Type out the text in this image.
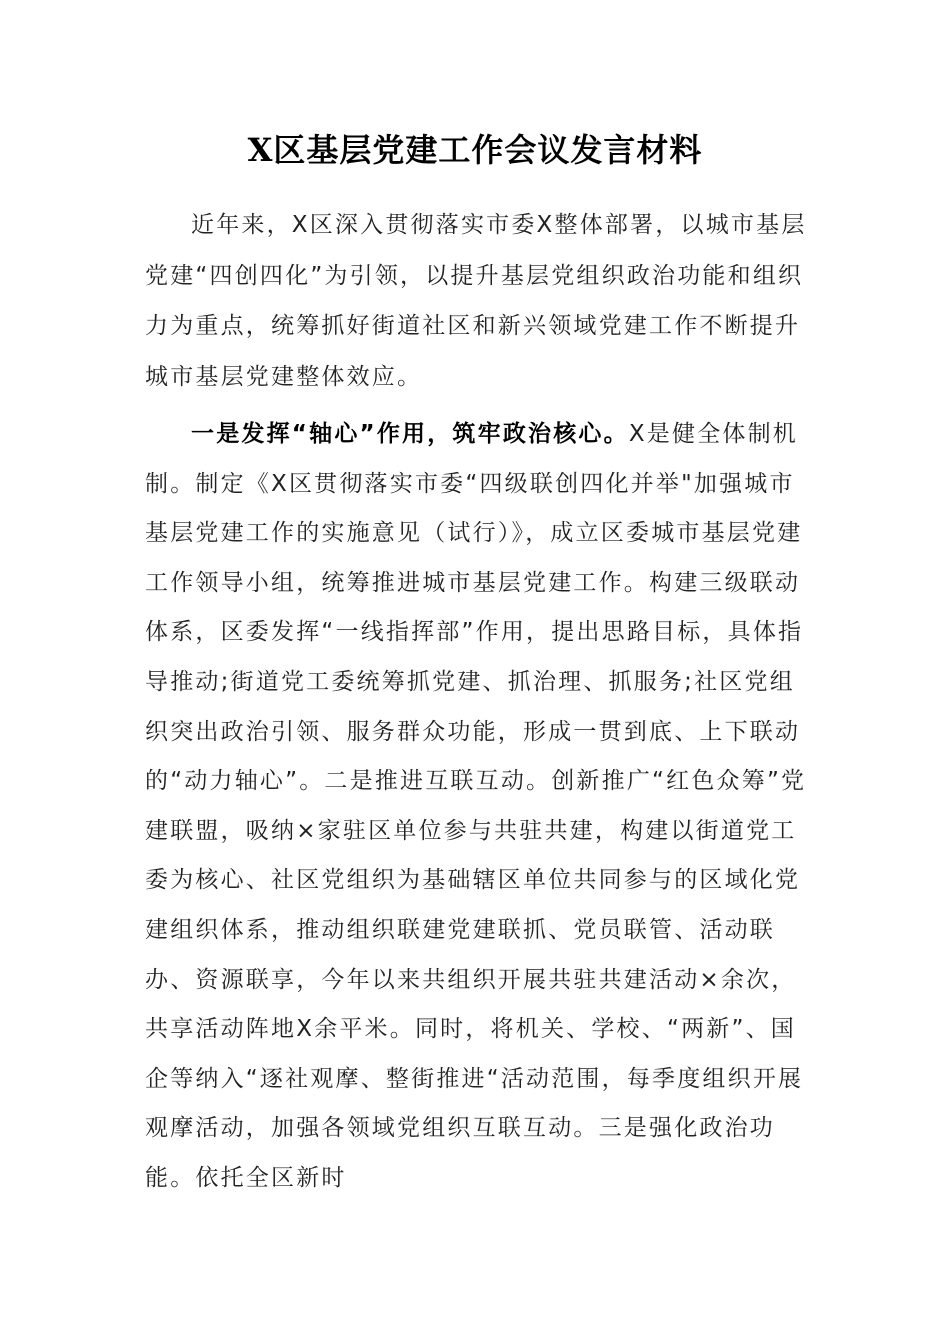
X区基层党建工作会议发言材料
近年来，X区深入贯彻落实市委X整体部署，以城市基层党建“四创四化”为引领，以提升基层党组织政治功能和组织力为重点，统筹抓好街道社区和新兴领域党建工作不断提升城市基层党建整体效应。
一是发挥“轴心”作用，筑牢政治核心。X是健全体制机制。制定《X区贯彻落实市委“四级联创四化并举"加强城市基层党建工作的实施意见（试行）》，成立区委城市基层党建工作领导小组，统筹推进城市基层党建工作。构建三级联动体系，区委发挥“一线指挥部”作用，提出思路目标，具体指导推动;街道党工委统筹抓党建、抓治理、抓服务;社区党组织突出政治引领、服务群众功能，形成一贯到底、上下联动的“动力轴心”。二是推进互联互动。创新推广“红色众筹”党建联盟，吸纳×家驻区单位参与共驻共建，构建以街道党工委为核心、社区党组织为基础辖区单位共同参与的区域化党建组织体系，推动组织联建党建联抓、党员联管、活动联办、资源联享，今年以来共组织开展共驻共建活动×余次，共享活动阵地X余平米。同时，将机关、学校、“两新”、国企等纳入“逐社观摩、整街推进“活动范围，每季度组织开展观摩活动，加强各领域党组织互联互动。三是强化政治功能。依托全区新时
